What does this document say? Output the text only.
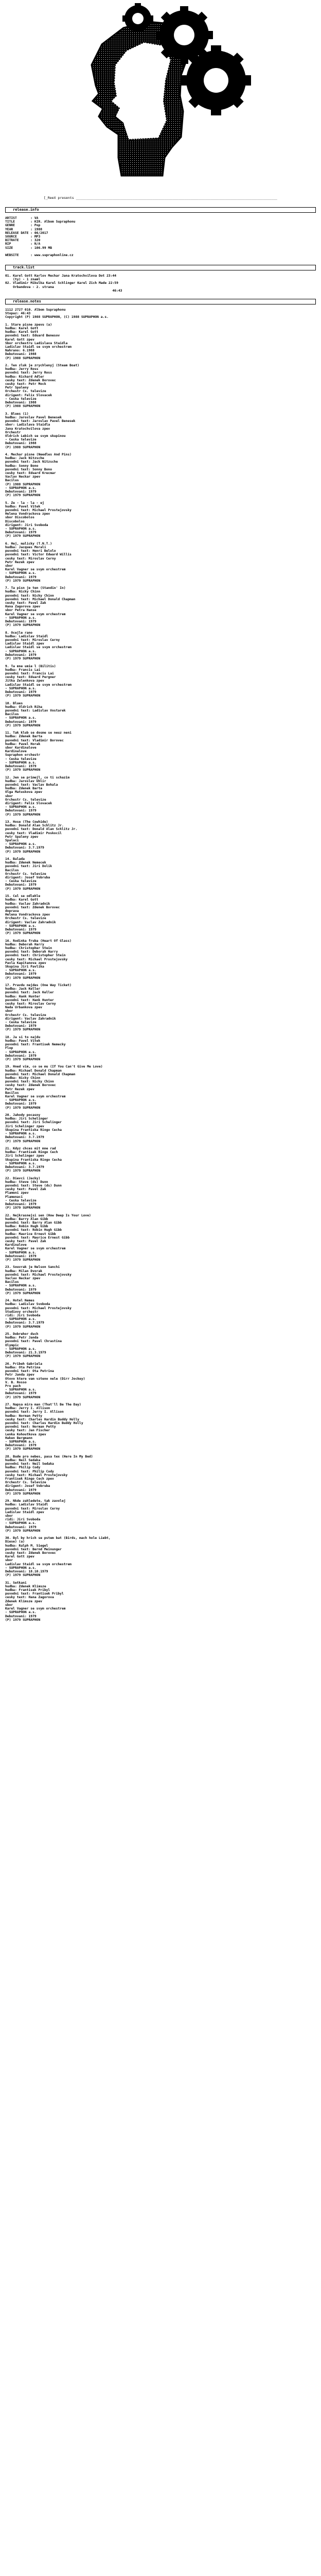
[_ReeX presents ____________________________________________________________________________________________________
release.info
ARTIST       : VA
TITLE        : KIR. Albom Supraphonu
GENRE        : Pop
YEAR         : 1988
RELEASE DATE : 06/2017
SOURCE       : MP3
BITRATE      : 320
RIP          : N/A
SIZE         : 106.99 MB

WEBSITE      : www.supraphonline.cz
track.list
01. Karel Gott Karlov Mechar Jana Kratochvilova Dot 23:44
(ty) - 1 znaml
02. Vladimir Mikulka Karel Schlinger Karel Zich Made 22:59
Orbandova - 2. strana
46:43
release.notes
1112 2727 010. Albom Supraphonu
Stopaz: 46:43
Copyright (P) 1988 SUPRAPHON, (C) 1988 SUPRAPHON a.s.

1. Stare pisne zpevu (a)
hudba: Karel Gott
hudba: Karel Gott
puvodni text: Eduard Benesov
Karel Gott zpev
Sbor orchestru Ladislava Staidla
Ladislav Staidl se svym orchestrem
Nahrano: 6.1988
Debutovani: 1988
(P) 1988 SUPRAPHON

2. Ten zluk je zrychlenyj (Steam Boat)
hudba: Jerry Ross
puvodni text: Jerry Ross
hudba: Richard Adler
cesky text: Zdenek Borovec
cesky text: Petr Mock
Petr Spaleny
Orchestr Cs. televize
dirigent: Felix Slovacek
- Ceska televize
Debutovani: 1988
(P) 1988 SUPRAPHON

3. Blues (1)
hudba: Jaroslav Pavel Benesek
puvodni text: Jaroslav Pavel Benesek
sbor: Ladislava Staidla
Jana Kratochvilova zpev
Orchestr
Oldrich Lebich se svym skupinou
- Ceska televize
Debutovani: 1988
(P) 1988 SUPRAPHON

4. Mechar pisne (Needles And Pins)
hudba: Jack Nitzsche
puvodni text: Jack Nitzsche
hudba: Sonny Bono
puvodni text: Sonny Bono
cesky text: Eduard Krecmar
Vaclav Neckar zpev
Bacilus
(P) 1988 SUPRAPHON
- SUPRAPHON a.s.
Debutovani: 1979
(P) 1979 SUPRAPHON

5. Ze - la - la - ej
hudba: Pavel Vitek
puvodni text: Michael Prostejovsky
Helena Vondrackova zpev
sbor Discobolos
Discobolos
dirigent: Jiri Svoboda
- SUPRAPHON a.s.
Debutovani: 1979
(P) 1979 SUPRAPHON

6. Hej, malicky (T.N.T.)
hudba: Jacques Morali
puvodni text: Henri Belolo
puvodni text: Victor Edward Willis
cesky text: Miroslav Cerny
Petr Rezek zpev
sbor
Karel Vagner se svym orchestrem
- SUPRAPHON a.s.
Debutovani: 1979
(P) 1979 SUPRAPHON

7. Ta pisn je ten (Standin' In)
hudba: Nicky Chinn
puvodni text: Nicky Chinn
puvodni text: Michael Donald Chapman
cesky text: Pavel Zak
Hana Zagorova zpev
sbor Petra Hanse
Karel Vagner se svym orchestrem
- SUPRAPHON a.s.
Debutovani: 1979
(P) 1979 SUPRAPHON

8. Ocejle rano
hudba: Ladislav Staidl
puvodni text: Miroslav Cerny
Ladislav Staidl zpev
Ladislav Staidl se svym orchestrem
- SUPRAPHON a.s.
Debutovani: 1979
(P) 1979 SUPRAPHON

9. Ta mne umie l (Bilitis)
hudba: Francis Lai
puvodni text: Francis Lai
cesky text: Eduard Pergner
Jitka Zelenkova zpev
Ladislav Staidl se svym orchestrem
- SUPRAPHON a.s.
Debutovani: 1979
(P) 1979 SUPRAPHON

10. Blues
hudba: Oldrich Riha
puvodni text: Ladislav Vostarek
Bacilus
- SUPRAPHON a.s.
Debutovani: 1979
(P) 1979 SUPRAPHON

11. Tak klub se dosme se neuz neni
hudba: Zdenek Barta
puvodni text: Vladimir Borovec
hudba: Pavel Horak
sbor Kardinalove
Kardinalove
Supraphon orchestr
- Ceska televize
- SUPRAPHON a.s.
Debutovani: 1979
(P) 1979 SUPRAPHON

12. Jen se primejl, co ti schazim
hudba: Jaroslav Uhlir
puvodni text: Vaclav Bohala
hudba: Zdenek Barta
Olga Matuskova zpev
sbor
Orchestr Cs. televize
dirigent: Felix Slovacek
- SUPRAPHON a.s.
Debutovani: 1979
(P) 1979 SUPRAPHON

13. Hose (The Cowhide)
hudba: Donald Alan Schlitz Jr.
puvodni text: Donald Alan Schlitz Jr.
cesky text: Vladimir Poskocil
Petr Spaleny zpev
Spalaci
- SUPRAPHON a.s.
Debutovani: 3.7.1979
(P) 1979 SUPRAPHON

14. Balada
hudba: Zdenek Nemecek
puvodni text: Jiri Dolik
Bacilus
Orchestr Cs. televize
dirigent: Josef Vobruba
- Ceska televize
Debutovani: 1979
(P) 1979 SUPRAPHON

15. Cel se odlehle
hudba: Karel Gott
hudba: Vaclav Zahradnik
puvodni text: Zdenek Borovec
doprava
Helena Vondrackova zpev
Orchestr Cs. televize
dirigent: Vaclav Zahradnik
- SUPRAPHON a.s.
Debutovani: 1979
(P) 1979 SUPRAPHON

16. Rodinka fruba (Heart Of Glass)
hudba: Deborah Harry
hudba: Christopher Stein
puvodni text: Deborah Harry
puvodni text: Christopher Stein
cesky text: Michael Prostejovsky
Pavla Kapitanova zpev
Skupina Jiri Pavlika
- SUPRAPHON a.s.
Debutovani: 1979
(P) 1979 SUPRAPHON

17. Pravdu nejdes (One Way Ticket)
hudba: Jack Keller
puvodni text: Jack Keller
hudba: Hank Hunter
puvodni text: Hank Hunter
cesky text: Miroslav Cerny
Nada Urbankova zpev
sbor
Orchestr Cs. televize
dirigent: Vaclav Zahradnik
- Ceska televize
Debutovani: 1979
(P) 1979 SUPRAPHON

18. Ja si to najdu
hudba: Pavel Vitek
puvodni text: Frantisek Nemecky
Flop
- SUPRAPHON a.s.
Debutovani: 1979
(P) 1979 SUPRAPHON

19. Hned vim, co se mu (If You Can't Give Me Love)
hudba: Michael Donald Chapman
puvodni text: Michael Donald Chapman
hudba: Nicky Chinn
puvodni text: Nicky Chinn
cesky text: Zdenek Borovec
Petr Rezek zpev
Bacilus
Karel Vagner se svym orchestrem
- SUPRAPHON a.s.
Debutovani: 1979
(P) 1979 SUPRAPHON

20. Jahody pocasny
hudba: Jiri Schelinger
puvodni text: Jiri Schelinger
Jiri Schelinger zpev
Skupina Frantiska Ringo Cecha
- SUPRAPHON a.s.
Debutovani: 3.7.1979
(P) 1979 SUPRAPHON

21. Kdyz chces mit mne rad
hudba: Frantisek Ringo Cech
Jiri Schelinger zpev
Skupina Frantiska Ringo Cecha
- SUPRAPHON a.s.
Debutovani: 3.7.1979
(P) 1979 SUPRAPHON

22. Dievci (Jacky)
hudba: Steve (ds) Dunn
puvodni text: Steve (ds) Dunn
cesky text: Pavel Zak
Plameni zpev
Plamenaci
- Ceska televize
Debutovani: 1979
(P) 1979 SUPRAPHON

22. Nejkrasnejsi sen (How Deep Is Your Love)
hudba: Barry Alan Gibb
puvodni text: Barry Alan Gibb
hudba: Robin Hugh Gibb
puvodni text: Robin Hugh Gibb
hudba: Maurice Ernest Gibb
puvodni text: Maurice Ernest Gibb
cesky text: Pavel Zak
Kardinalove
Karel Vagner se svym orchestrem
- SUPRAPHON a.s.
Debutovani: 1979
(P) 1979 SUPRAPHON

23. Souvrak je Nelson Sanchi
hudba: Milan Dvorak
puvodni text: Michael Prostejovsky
Vaclav Neckar zpev
Bacilus
- SUPRAPHON a.s.
Debutovani: 1979
(P) 1979 SUPRAPHON

24. Hotel Nemes
hudba: Ladislav Svoboda
puvodni text: Michael Prostejovsky
Studiovy orchestr
ridi: Jiri Svoboda
- SUPRAPHON a.s.
Debutovani: 3.7.1979
(P) 1979 SUPRAPHON

25. Dobrehor duch
hudba: Petr Janda
puvodni text: Pavel Chrastina
Olympic
- SUPRAPHON a.s.
Debutovani: 21.3.1979
(P) 1979 SUPRAPHON

26. Pribeh Gabriela
hudba: Ota Petrina
puvodni text: Ota Petrina
Petr Janda zpev
Otovo ktere vam vzteno nele (Dirr Jockey)
V. B. Rosso
Pro pach
- SUPRAPHON a.s.
Debutovani: 1979
(P) 1979 SUPRAPHON

27. Napsa mira man (That'll Be The Day)
hudba: Jerry I. Allison
puvodni text: Jerry I. Allison
hudba: Norman Petty
cesky text: Charles Hardin Buddy Holly
puvodni text: Charles Hardin Buddy Holly
puvodni text: Norman Petty
cesky text: Jan Fischer
Lenka Kohoutkova zpev
Haken Bergmann
- SUPRAPHON a.s.
Debutovani: 1979
(P) 1979 SUPRAPHON

28. Bude pro nebes, pasa tex (Here In My Bed)
hudba: Neil Sedaka
puvodni text: Neil Sedaka
hudba: Philip Cody
puvodni text: Philip Cody
cesky text: Michael Prostejovsky
Frantisek Ringo Cech zpev
Orchestr Cs. televize
dirigent: Josef Vobruba
Debutovani: 1979
(P) 1979 SUPRAPHON

29. Nkde zahledete, tak zavolej
hudba: Ladislav Staidl
puvodni text: Miroslav Cerny
Ladislav Staidl zpev
sbor
ridi: Jiri Svoboda
- SUPRAPHON a.s.
Debutovani: 1979
(P) 1979 SUPRAPHON

30. Byl by hrich se pstem bat (Birds, mach hole Liebt,
Diese) (a)
hudba: Ralph M. Siegel
puvodni text: Bernd Meinunger
cesky text: Zdenek Borovec
Karel Gott zpev
sbor
Ladislav Staidl se svym orchestrem
- SUPRAPHON a.s.
Debutovani: 18.10.1979
(P) 1979 SUPRAPHON

31. Setkani
hudba: Zdenek Klimsze
hudba: Frantisek Pribyl
puvodni text: Frantisek Pribyl
cesky text: Hana Zagorova
Zdenek Klimsze zpev
sbor
Karel Vagner se svym orchestrem
- SUPRAPHON a.s.
Debutovani: 1979
(P) 1979 SUPRAPHON
